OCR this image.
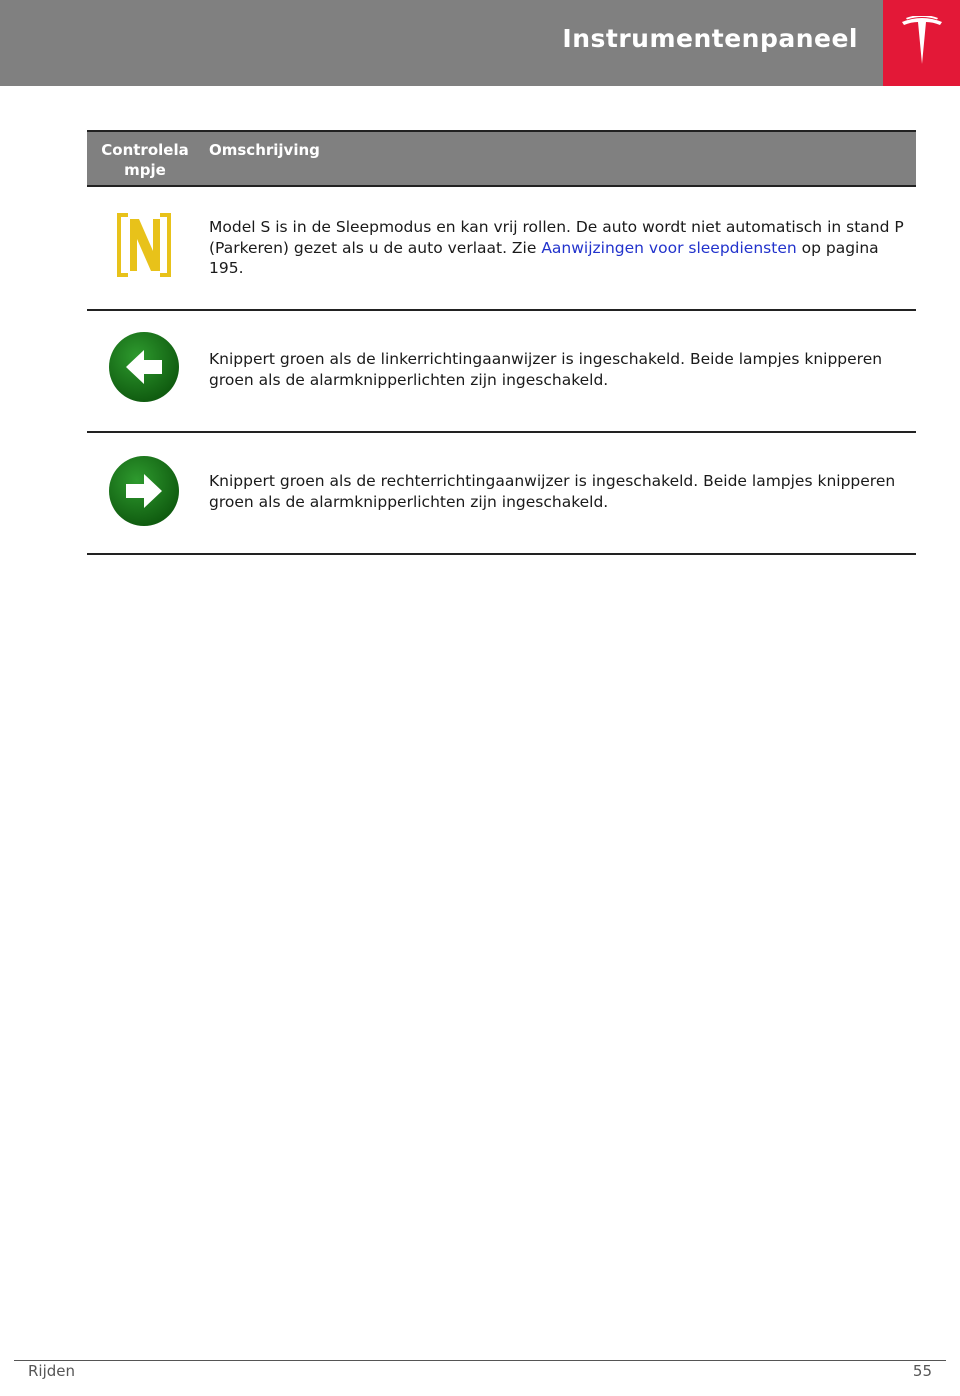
Instrumentenpaneel
Controlela
mpje
Omschrijving
Model S is in de Sleepmodus en kan vrij rollen. De auto wordt niet automatisch in stand P (Parkeren) gezet als u de auto verlaat. Zie Aanwijzingen voor sleepdiensten op pagina 195.
Knippert groen als de linkerrichtingaanwijzer is ingeschakeld. Beide lampjes knipperen groen als de alarmknipperlichten zijn ingeschakeld.
Knippert groen als de rechterrichtingaanwijzer is ingeschakeld. Beide lampjes knipperen groen als de alarmknipperlichten zijn ingeschakeld.
Rijden	55
